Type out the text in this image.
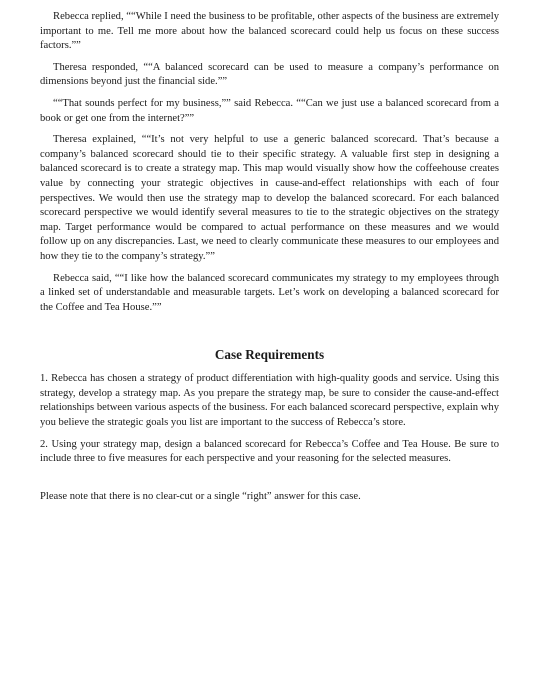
Rebecca replied, ““While I need the business to be profitable, other aspects of the business are extremely important to me. Tell me more about how the balanced scorecard could help us focus on these success factors.””

Theresa responded, ““A balanced scorecard can be used to measure a company’s performance on dimensions beyond just the financial side.””

““That sounds perfect for my business,”” said Rebecca. ““Can we just use a balanced scorecard from a book or get one from the internet?””

Theresa explained, ““It’s not very helpful to use a generic balanced scorecard. That’s because a company’s balanced scorecard should tie to their specific strategy. A valuable first step in designing a balanced scorecard is to create a strategy map. This map would visually show how the coffeehouse creates value by connecting your strategic objectives in cause-and-effect relationships with each of four perspectives. We would then use the strategy map to develop the balanced scorecard. For each balanced scorecard perspective we would identify several measures to tie to the strategic objectives on the strategy map. Target performance would be compared to actual performance on these measures and we would follow up on any discrepancies. Last, we need to clearly communicate these measures to our employees and how they tie to the company’s strategy.””

Rebecca said, ““I like how the balanced scorecard communicates my strategy to my employees through a linked set of understandable and measurable targets. Let’s work on developing a balanced scorecard for the Coffee and Tea House.””

Case Requirements

1. Rebecca has chosen a strategy of product differentiation with high-quality goods and service. Using this strategy, develop a strategy map. As you prepare the strategy map, be sure to consider the cause-and-effect relationships between various aspects of the business. For each balanced scorecard perspective, explain why you believe the strategic goals you list are important to the success of Rebecca’s store.

2. Using your strategy map, design a balanced scorecard for Rebecca’s Coffee and Tea House. Be sure to include three to five measures for each perspective and your reasoning for the selected measures.

Please note that there is no clear-cut or a single “right” answer for this case.
